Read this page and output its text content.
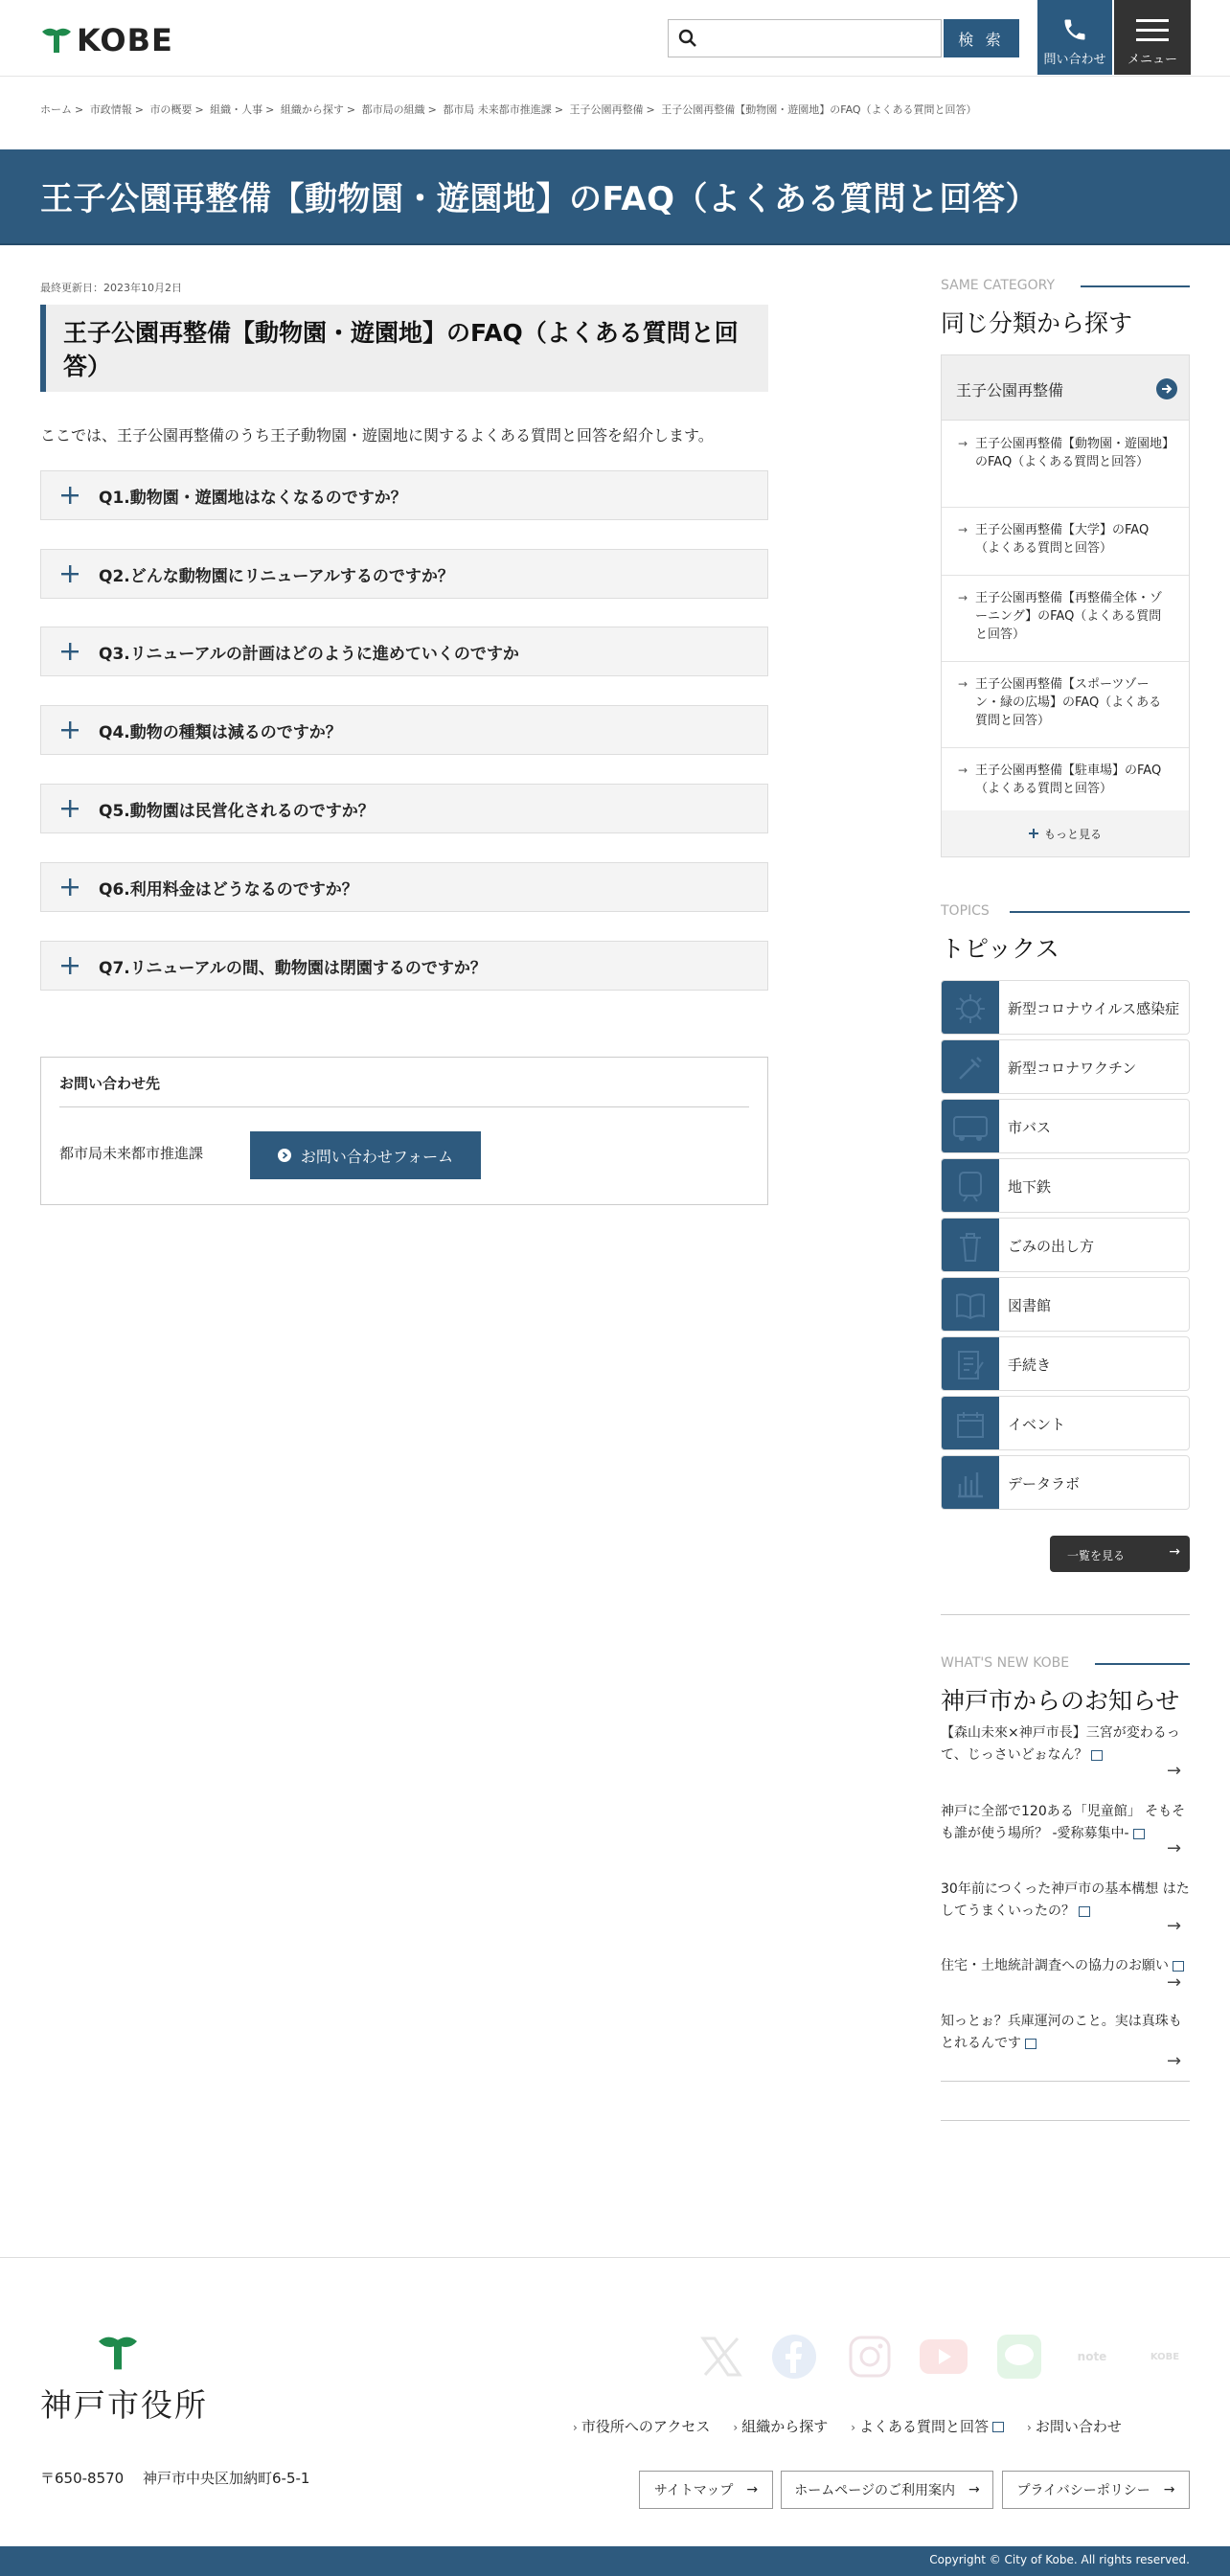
KOBE	検 索
問い合わせ メニュー
ホーム > 市政情報 > 市の概要 > 組織・人事 > 組織から探す > 都市局の組織 > 都市局 未来都市推進課 > 王子公園再整備 > 王子公園再整備【動物園・遊園地】のFAQ（よくある質問と回答）
王子公園再整備【動物園・遊園地】のFAQ（よくある質問と回答）
最終更新日：2023年10月2日
王子公園再整備【動物園・遊園地】のFAQ（よくある質問と回答）
ここでは、王子公園再整備のうち王子動物園・遊園地に関するよくある質問と回答を紹介します。
Q1.動物園・遊園地はなくなるのですか？
Q2.どんな動物園にリニューアルするのですか？
Q3.リニューアルの計画はどのように進めていくのですか
Q4.動物の種類は減るのですか？
Q5.動物園は民営化されるのですか？
Q6.利用料金はどうなるのですか？
Q7.リニューアルの間、動物園は閉園するのですか？
お問い合わせ先
都市局未来都市推進課	お問い合わせフォーム
SAME CATEGORY
同じ分類から探す
王子公園再整備
→ 王子公園再整備【動物園・遊園地】のFAQ（よくある質問と回答）
→ 王子公園再整備【大学】のFAQ（よくある質問と回答）
→ 王子公園再整備【再整備全体・ゾーニング】のFAQ（よくある質問と回答）
→ 王子公園再整備【スポーツゾーン・緑の広場】のFAQ（よくある質問と回答）
→ 王子公園再整備【駐車場】のFAQ（よくある質問と回答）
もっと見る
TOPICS
トピックス
新型コロナウイルス感染症
新型コロナワクチン
市バス
地下鉄
ごみの出し方
図書館
手続き
イベント
データラボ
一覧を見る	→
WHAT'S NEW KOBE
神戸市からのお知らせ
【森山未來×神戸市長】三宮が変わるって、じっさいどぉなん？
→
神戸に全部で120ある「児童館」 そもそも誰が使う場所？ -愛称募集中-
→
30年前につくった神戸市の基本構想 はたしてうまくいったの？
→
住宅・土地統計調査への協力のお願い
→
知っとぉ？兵庫運河のこと。実は真珠もとれるんです
→
神戸市役所
note	KOBE
› 市役所へのアクセス › 組織から探す › よくある質問と回答	› お問い合わせ
〒650-8570　 神戸市中央区加納町6-5-1
サイトマップ →	ホームページのご利用案内 →	プライバシーポリシー →
Copyright © City of Kobe. All rights reserved.
